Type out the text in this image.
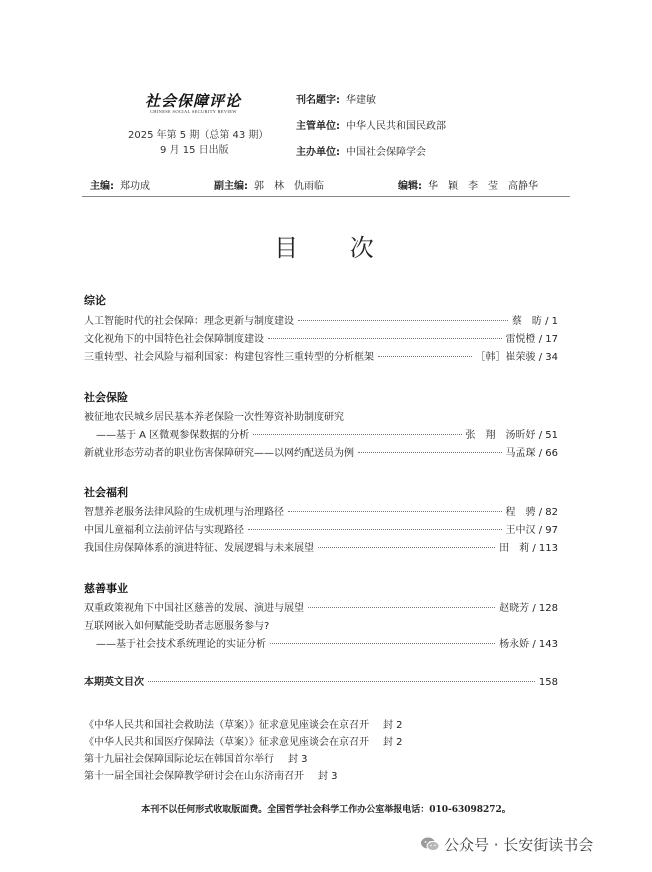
社会保障评论
CHINESE SOCIAL SECURITY REVIEW
2025 年第 5 期（总第 43 期）
9 月 15 日出版
刊名题字: 华建敏
主管单位: 中华人民共和国民政部
主办单位: 中国社会保障学会
主编: 郑功成	副主编: 郭　林　仇雨临	编辑: 华　颖　李　莹　高静华
目 次
综论
人工智能时代的社会保障：理念更新与制度建设	蔡　昉 / 1
文化视角下的中国特色社会保障制度建设	雷悦橙 / 17
三重转型、社会风险与福利国家：构建包容性三重转型的分析框架	［韩］崔荣骏 / 34
社会保险
被征地农民城乡居民基本养老保险一次性筹资补助制度研究
——基于 A 区微观参保数据的分析	张　翔　汤昕妤 / 51
新就业形态劳动者的职业伤害保障研究——以网约配送员为例	马孟琛 / 66
社会福利
智慧养老服务法律风险的生成机理与治理路径	程　骋 / 82
中国儿童福利立法前评估与实现路径	王中汉 / 97
我国住房保障体系的演进特征、发展逻辑与未来展望	田　莉 / 113
慈善事业
双重政策视角下中国社区慈善的发展、演进与展望	赵晓芳 / 128
互联网嵌入如何赋能受助者志愿服务参与?
——基于社会技术系统理论的实证分析	杨永娇 / 143
本期英文目次	158
《中华人民共和国社会救助法（草案）》征求意见座谈会在京召开 封 2
《中华人民共和国医疗保障法（草案）》征求意见座谈会在京召开 封 2
第十九届社会保障国际论坛在韩国首尔举行 封 3
第十一届全国社会保障教学研讨会在山东济南召开 封 3
本刊不以任何形式收取版面费。全国哲学社会科学工作办公室举报电话：010-63098272。
公众号 · 长安街读书会
